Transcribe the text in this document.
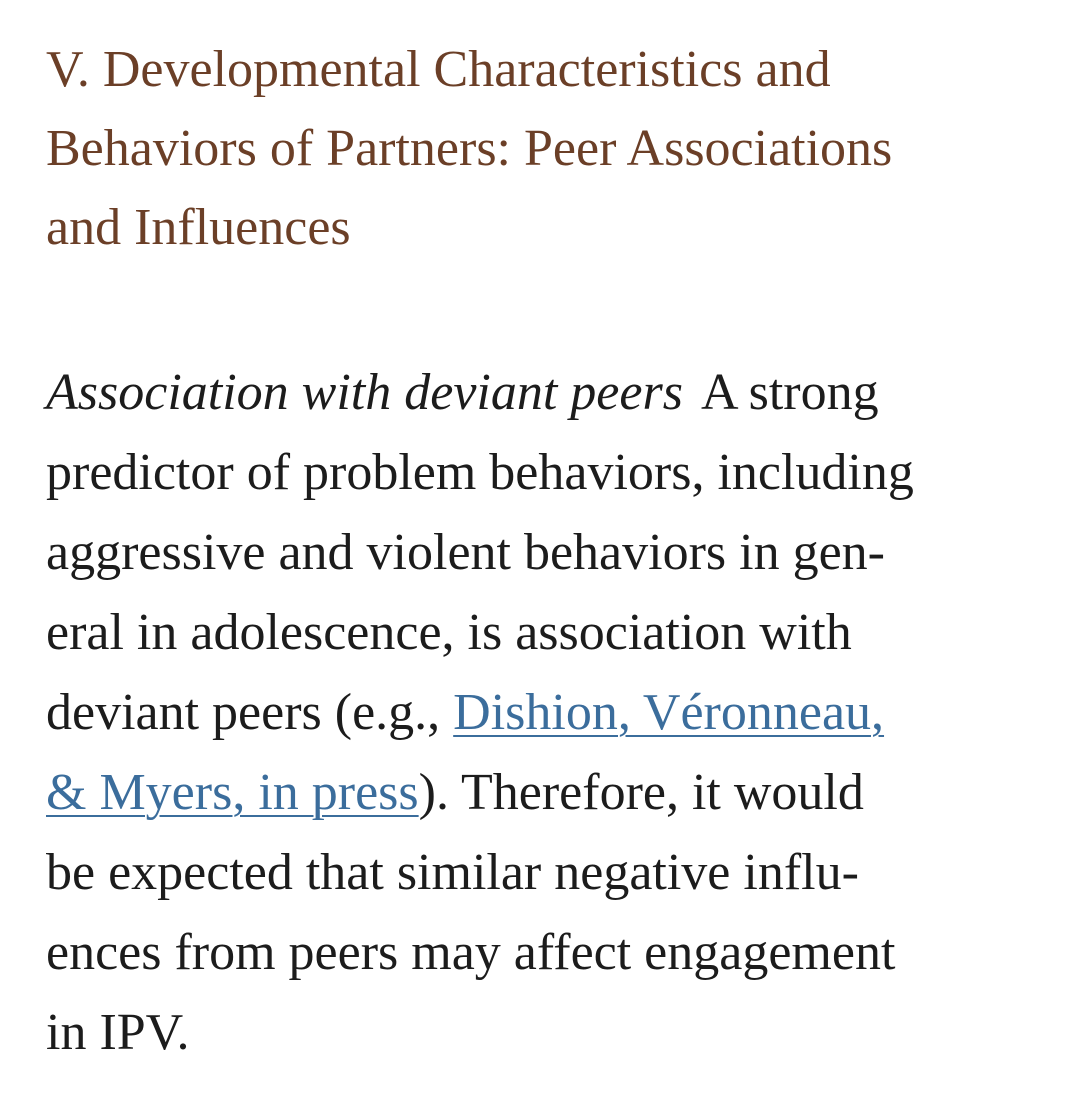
V. Developmental Characteristics and
Behaviors of Partners: Peer Associations
and Influences

Association with deviant peers A strong
predictor of problem behaviors, including
aggressive and violent behaviors in gen-
eral in adolescence, is association with
deviant peers (e.g., Dishion, Véronneau,
& Myers, in press). Therefore, it would
be expected that similar negative influ-
ences from peers may affect engagement
in IPV.
